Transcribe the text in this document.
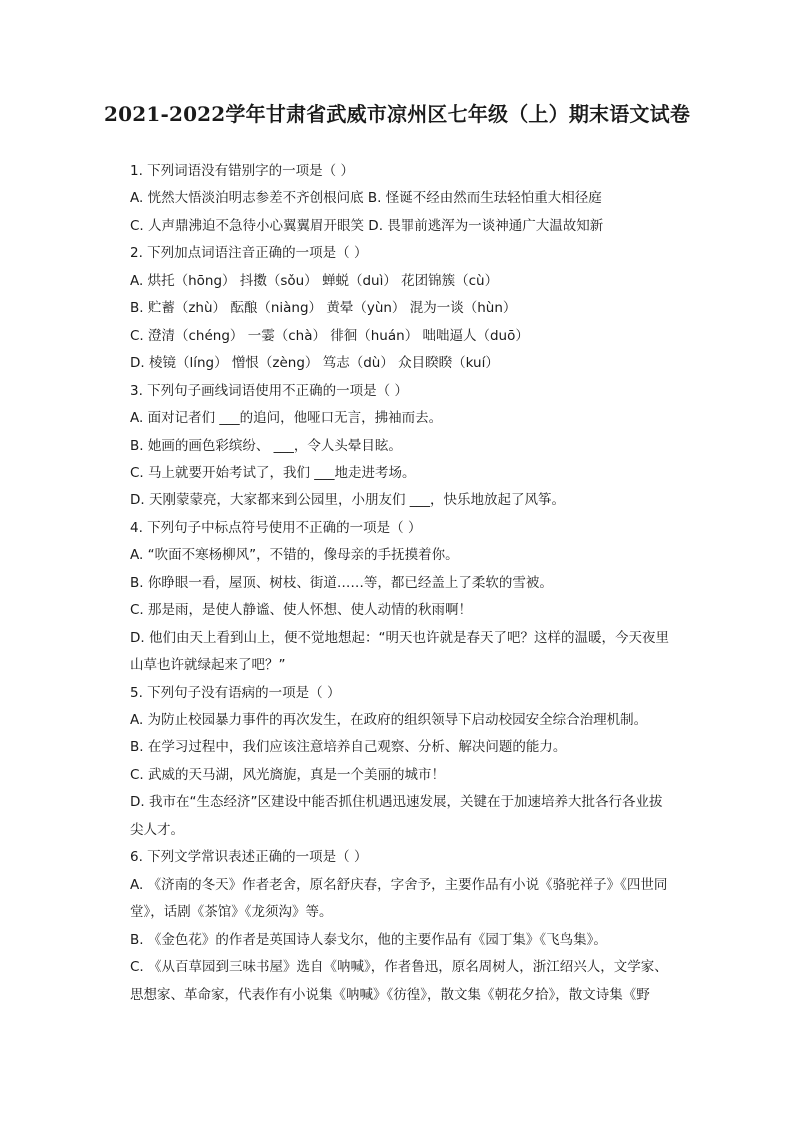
2021-2022学年甘肃省武威市凉州区七年级（上）期末语文试卷
1. 下列词语没有错别字的一项是（ ）
A. 恍然大悟淡泊明志参差不齐创根问底 B. 怪诞不经由然而生珐轻怕重大相径庭
C. 人声鼎沸迫不急待小心翼翼眉开眼笑 D. 畏罪前逃浑为一谈神通广大温故知新
2. 下列加点词语注音正确的一项是（ ）
A. 烘托（hōng） 抖擞（sǒu） 蝉蜕（duì） 花团锦簇（cù）
B. 贮蓄（zhù） 酝酿（niàng） 黄晕（yùn） 混为一谈（hùn）
C. 澄清（chéng） 一霎（chà） 徘徊（huán） 咄咄逼人（duō）
D. 棱镜（líng） 憎恨（zèng） 笃志（dù） 众目睽睽（kuí）
3. 下列句子画线词语使用不正确的一项是（ ）
A. 面对记者们 ___的追问，他哑口无言，拂袖而去。
B. 她画的画色彩缤纷、 ___，令人头晕目眩。
C. 马上就要开始考试了，我们 ___地走进考场。
D. 天刚蒙蒙亮，大家都来到公园里，小朋友们 ___，快乐地放起了风筝。
4. 下列句子中标点符号使用不正确的一项是（ ）
A. “吹面不寒杨柳风”，不错的，像母亲的手抚摸着你。
B. 你睁眼一看，屋顶、树枝、街道……等，都已经盖上了柔软的雪被。
C. 那是雨，是使人静谧、使人怀想、使人动情的秋雨啊！
D. 他们由天上看到山上，便不觉地想起：“明天也许就是春天了吧？这样的温暖，今天夜里
山草也许就绿起来了吧？”
5. 下列句子没有语病的一项是（ ）
A. 为防止校园暴力事件的再次发生，在政府的组织领导下启动校园安全综合治理机制。
B. 在学习过程中，我们应该注意培养自己观察、分析、解决问题的能力。
C. 武威的天马湖，风光旖旎，真是一个美丽的城市！
D. 我市在“生态经济”区建设中能否抓住机遇迅速发展，关键在于加速培养大批各行各业拔
尖人才。
6. 下列文学常识表述正确的一项是（ ）
A. 《济南的冬天》作者老舍，原名舒庆春，字舍予，主要作品有小说《骆驼祥子》《四世同
堂》，话剧《茶馆》《龙须沟》等。
B. 《金色花》的作者是英国诗人泰戈尔，他的主要作品有《园丁集》《飞鸟集》。
C. 《从百草园到三味书屋》选自《呐喊》，作者鲁迅，原名周树人，浙江绍兴人，文学家、
思想家、革命家，代表作有小说集《呐喊》《彷徨》，散文集《朝花夕拾》，散文诗集《野
